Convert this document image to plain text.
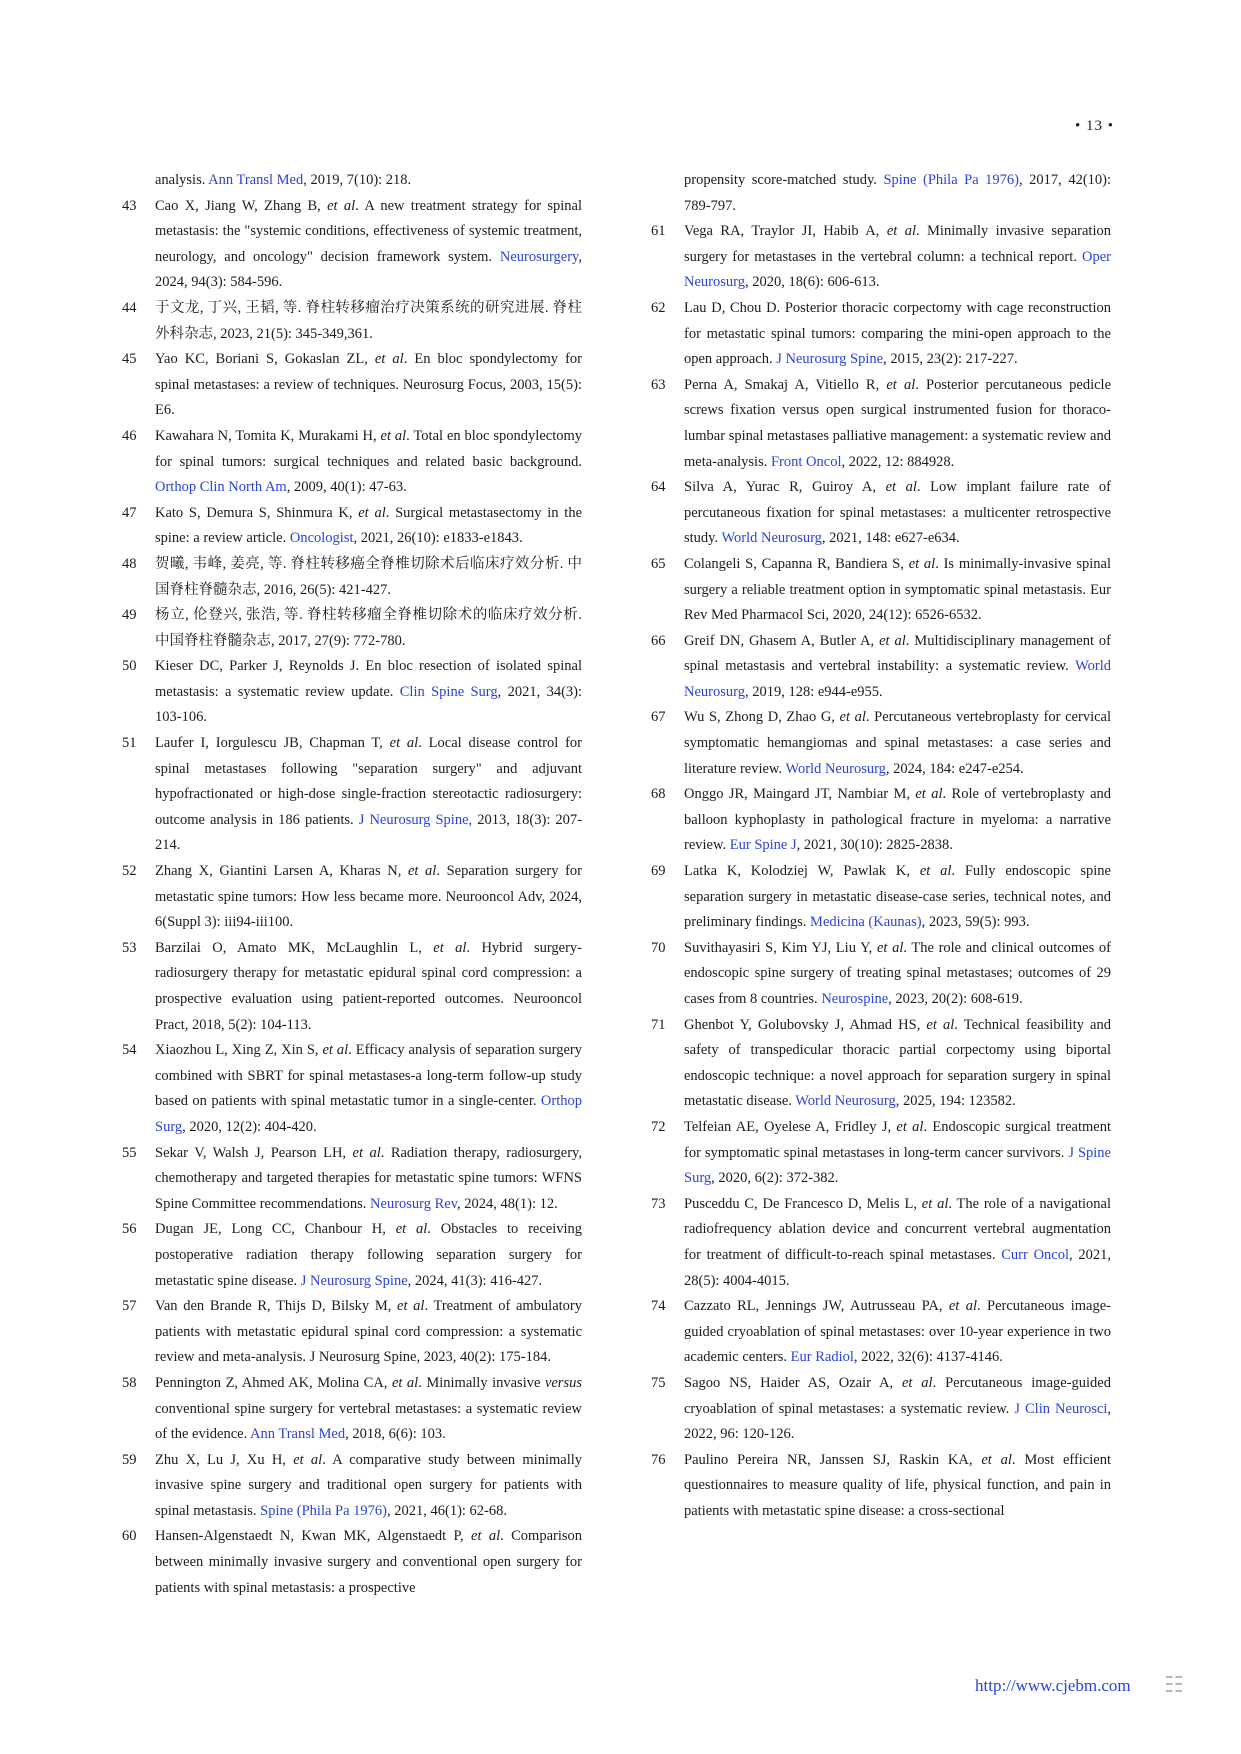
• 13 •
analysis. Ann Transl Med, 2019, 7(10): 218.
43 Cao X, Jiang W, Zhang B, et al. A new treatment strategy for spinal metastasis: the "systemic conditions, effectiveness of systemic treatment, neurology, and oncology" decision framework system. Neurosurgery, 2024, 94(3): 584-596.
44 于文龙, 丁兴, 王韬, 等. 脊柱转移瘤治疗决策系统的研究进展. 脊柱外科杂志, 2023, 21(5): 345-349,361.
45 Yao KC, Boriani S, Gokaslan ZL, et al. En bloc spondylectomy for spinal metastases: a review of techniques. Neurosurg Focus, 2003, 15(5): E6.
46 Kawahara N, Tomita K, Murakami H, et al. Total en bloc spondylectomy for spinal tumors: surgical techniques and related basic background. Orthop Clin North Am, 2009, 40(1): 47-63.
47 Kato S, Demura S, Shinmura K, et al. Surgical metastasectomy in the spine: a review article. Oncologist, 2021, 26(10): e1833-e1843.
48 贺曦, 韦峰, 姜亮, 等. 脊柱转移癌全脊椎切除术后临床疗效分析. 中国脊柱脊髓杂志, 2016, 26(5): 421-427.
49 杨立, 伦登兴, 张浩, 等. 脊柱转移瘤全脊椎切除术的临床疗效分析. 中国脊柱脊髓杂志, 2017, 27(9): 772-780.
50 Kieser DC, Parker J, Reynolds J. En bloc resection of isolated spinal metastasis: a systematic review update. Clin Spine Surg, 2021, 34(3): 103-106.
51 Laufer I, Iorgulescu JB, Chapman T, et al. Local disease control for spinal metastases following "separation surgery" and adjuvant hypofractionated or high-dose single-fraction stereotactic radiosurgery: outcome analysis in 186 patients. J Neurosurg Spine, 2013, 18(3): 207-214.
52 Zhang X, Giantini Larsen A, Kharas N, et al. Separation surgery for metastatic spine tumors: How less became more. Neurooncol Adv, 2024, 6(Suppl 3): iii94-iii100.
53 Barzilai O, Amato MK, McLaughlin L, et al. Hybrid surgery-radiosurgery therapy for metastatic epidural spinal cord compression: a prospective evaluation using patient-reported outcomes. Neurooncol Pract, 2018, 5(2): 104-113.
54 Xiaozhou L, Xing Z, Xin S, et al. Efficacy analysis of separation surgery combined with SBRT for spinal metastases-a long-term follow-up study based on patients with spinal metastatic tumor in a single-center. Orthop Surg, 2020, 12(2): 404-420.
55 Sekar V, Walsh J, Pearson LH, et al. Radiation therapy, radiosurgery, chemotherapy and targeted therapies for metastatic spine tumors: WFNS Spine Committee recommendations. Neurosurg Rev, 2024, 48(1): 12.
56 Dugan JE, Long CC, Chanbour H, et al. Obstacles to receiving postoperative radiation therapy following separation surgery for metastatic spine disease. J Neurosurg Spine, 2024, 41(3): 416-427.
57 Van den Brande R, Thijs D, Bilsky M, et al. Treatment of ambulatory patients with metastatic epidural spinal cord compression: a systematic review and meta-analysis. J Neurosurg Spine, 2023, 40(2): 175-184.
58 Pennington Z, Ahmed AK, Molina CA, et al. Minimally invasive versus conventional spine surgery for vertebral metastases: a systematic review of the evidence. Ann Transl Med, 2018, 6(6): 103.
59 Zhu X, Lu J, Xu H, et al. A comparative study between minimally invasive spine surgery and traditional open surgery for patients with spinal metastasis. Spine (Phila Pa 1976), 2021, 46(1): 62-68.
60 Hansen-Algenstaedt N, Kwan MK, Algenstaedt P, et al. Comparison between minimally invasive surgery and conventional open surgery for patients with spinal metastasis: a prospective
propensity score-matched study. Spine (Phila Pa 1976), 2017, 42(10): 789-797.
61 Vega RA, Traylor JI, Habib A, et al. Minimally invasive separation surgery for metastases in the vertebral column: a technical report. Oper Neurosurg, 2020, 18(6): 606-613.
62 Lau D, Chou D. Posterior thoracic corpectomy with cage reconstruction for metastatic spinal tumors: comparing the mini-open approach to the open approach. J Neurosurg Spine, 2015, 23(2): 217-227.
63 Perna A, Smakaj A, Vitiello R, et al. Posterior percutaneous pedicle screws fixation versus open surgical instrumented fusion for thoraco-lumbar spinal metastases palliative management: a systematic review and meta-analysis. Front Oncol, 2022, 12: 884928.
64 Silva A, Yurac R, Guiroy A, et al. Low implant failure rate of percutaneous fixation for spinal metastases: a multicenter retrospective study. World Neurosurg, 2021, 148: e627-e634.
65 Colangeli S, Capanna R, Bandiera S, et al. Is minimally-invasive spinal surgery a reliable treatment option in symptomatic spinal metastasis. Eur Rev Med Pharmacol Sci, 2020, 24(12): 6526-6532.
66 Greif DN, Ghasem A, Butler A, et al. Multidisciplinary management of spinal metastasis and vertebral instability: a systematic review. World Neurosurg, 2019, 128: e944-e955.
67 Wu S, Zhong D, Zhao G, et al. Percutaneous vertebroplasty for cervical symptomatic hemangiomas and spinal metastases: a case series and literature review. World Neurosurg, 2024, 184: e247-e254.
68 Onggo JR, Maingard JT, Nambiar M, et al. Role of vertebroplasty and balloon kyphoplasty in pathological fracture in myeloma: a narrative review. Eur Spine J, 2021, 30(10): 2825-2838.
69 Latka K, Kolodziej W, Pawlak K, et al. Fully endoscopic spine separation surgery in metastatic disease-case series, technical notes, and preliminary findings. Medicina (Kaunas), 2023, 59(5): 993.
70 Suvithayasiri S, Kim YJ, Liu Y, et al. The role and clinical outcomes of endoscopic spine surgery of treating spinal metastases; outcomes of 29 cases from 8 countries. Neurospine, 2023, 20(2): 608-619.
71 Ghenbot Y, Golubovsky J, Ahmad HS, et al. Technical feasibility and safety of transpedicular thoracic partial corpectomy using biportal endoscopic technique: a novel approach for separation surgery in spinal metastatic disease. World Neurosurg, 2025, 194: 123582.
72 Telfeian AE, Oyelese A, Fridley J, et al. Endoscopic surgical treatment for symptomatic spinal metastases in long-term cancer survivors. J Spine Surg, 2020, 6(2): 372-382.
73 Pusceddu C, De Francesco D, Melis L, et al. The role of a navigational radiofrequency ablation device and concurrent vertebral augmentation for treatment of difficult-to-reach spinal metastases. Curr Oncol, 2021, 28(5): 4004-4015.
74 Cazzato RL, Jennings JW, Autrusseau PA, et al. Percutaneous image-guided cryoablation of spinal metastases: over 10-year experience in two academic centers. Eur Radiol, 2022, 32(6): 4137-4146.
75 Sagoo NS, Haider AS, Ozair A, et al. Percutaneous image-guided cryoablation of spinal metastases: a systematic review. J Clin Neurosci, 2022, 96: 120-126.
76 Paulino Pereira NR, Janssen SJ, Raskin KA, et al. Most efficient questionnaires to measure quality of life, physical function, and pain in patients with metastatic spine disease: a cross-sectional
http://www.cjebm.com ☷
